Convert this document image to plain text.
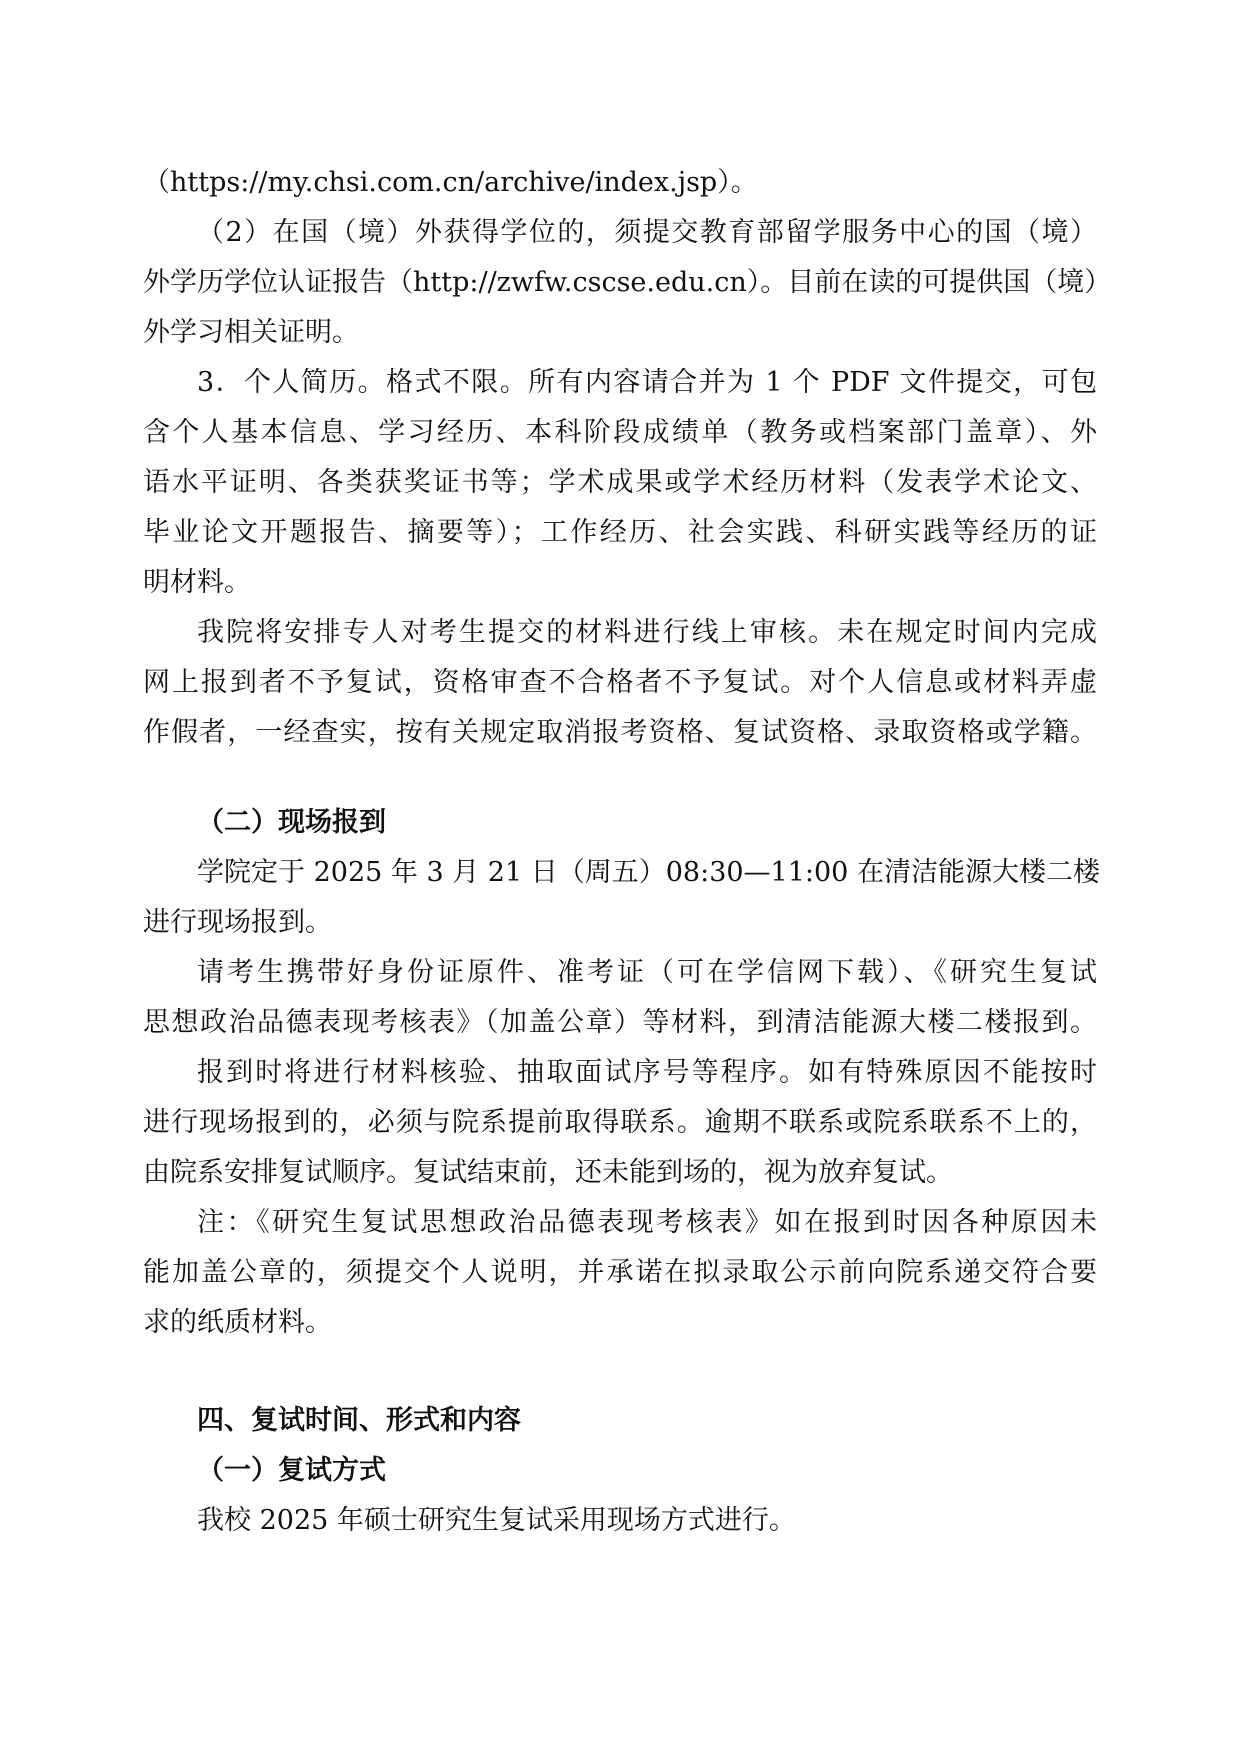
（https://my.chsi.com.cn/archive/index.jsp）。
（2）在国（境）外获得学位的，须提交教育部留学服务中心的国（境）
外学历学位认证报告（http://zwfw.cscse.edu.cn）。目前在读的可提供国（境）
外学习相关证明。
3．个人简历。格式不限。所有内容请合并为 1 个 PDF 文件提交，可包
含个人基本信息、学习经历、本科阶段成绩单（教务或档案部门盖章）、外
语水平证明、各类获奖证书等；学术成果或学术经历材料（发表学术论文、
毕业论文开题报告、摘要等）；工作经历、社会实践、科研实践等经历的证
明材料。
我院将安排专人对考生提交的材料进行线上审核。未在规定时间内完成
网上报到者不予复试，资格审查不合格者不予复试。对个人信息或材料弄虚
作假者，一经查实，按有关规定取消报考资格、复试资格、录取资格或学籍。
（二）现场报到
学院定于 2025 年 3 月 21 日（周五）08:30—11:00 在清洁能源大楼二楼
进行现场报到。
请考生携带好身份证原件、准考证（可在学信网下载）、《研究生复试
思想政治品德表现考核表》（加盖公章）等材料，到清洁能源大楼二楼报到。
报到时将进行材料核验、抽取面试序号等程序。如有特殊原因不能按时
进行现场报到的，必须与院系提前取得联系。逾期不联系或院系联系不上的，
由院系安排复试顺序。复试结束前，还未能到场的，视为放弃复试。
注：《研究生复试思想政治品德表现考核表》如在报到时因各种原因未
能加盖公章的，须提交个人说明，并承诺在拟录取公示前向院系递交符合要
求的纸质材料。
四、复试时间、形式和内容
（一）复试方式
我校 2025 年硕士研究生复试采用现场方式进行。
